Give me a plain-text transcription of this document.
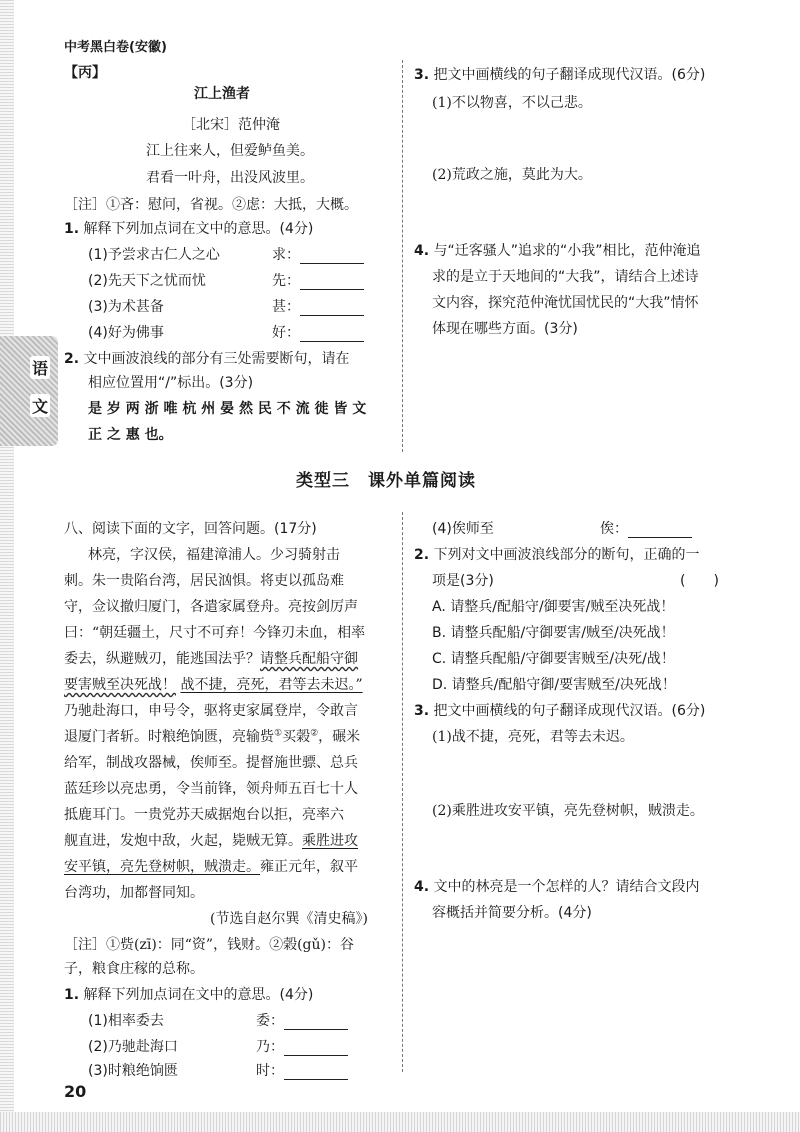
中考黑白卷(安徽)
语
文
【丙】
江上渔者
［北宋］范仲淹
江上往来人，但爱鲈鱼美。
君看一叶舟，出没风波里。
［注］①吝：慰问，省视。②虑：大抵，大概。
1. 解释下列加点词在文中的意思。(4分)
(1)予尝求古仁人之心	求：
(2)先天下之忧而忧	先：
(3)为术甚备	甚：
(4)好为佛事	好：
2. 文中画波浪线的部分有三处需要断句，请在
相应位置用“/”标出。(3分)
是 岁 两 浙 唯 杭 州 晏 然 民 不 流 徙 皆 文
正 之 惠 也。
3. 把文中画横线的句子翻译成现代汉语。(6分)
(1)不以物喜，不以己悲。
(2)荒政之施，莫此为大。
4. 与“迁客骚人”追求的“小我”相比，范仲淹追
求的是立于天地间的“大我”，请结合上述诗
文内容，探究范仲淹忧国忧民的“大我”情怀
体现在哪些方面。(3分)
类型三　课外单篇阅读
八、阅读下面的文字，回答问题。(17分)
林亮，字汉侯，福建漳浦人。少习骑射击
刺。朱一贵陷台湾，居民汹惧。将吏以孤岛难
守，佥议撤归厦门，各遣家属登舟。亮按剑厉声
曰：“朝廷疆土，尺寸不可弃！今锋刃未血，相率
委去，纵避贼刃，能逃国法乎？请整兵配船守御
要害贼至决死战！ 战不捷，亮死，君等去未迟。”
乃驰赴海口，申号令，驱将吏家属登岸，令敢言
退厦门者斩。时粮绝饷匮，亮输赀①买榖②，碾米
给军，制战攻器械，俟师至。提督施世骠、总兵
蓝廷珍以亮忠勇，令当前锋，领舟师五百七十人
抵鹿耳门。一贵党苏天威据炮台以拒，亮率六
舰直进，发炮中敌，火起，毙贼无算。乘胜进攻
安平镇，亮先登树帜，贼溃走。雍正元年，叙平
台湾功，加都督同知。
(节选自赵尔巽《清史稿》)
［注］①赀(zī)：同“资”，钱财。②榖(gǔ)：谷
子，粮食庄稼的总称。
1. 解释下列加点词在文中的意思。(4分)
(1)相率委去	委：
(2)乃驰赴海口	乃：
(3)时粮绝饷匮	时：
(4)俟师至	俟：
2. 下列对文中画波浪线部分的断句，正确的一
项是(3分)	(　　)
A. 请整兵/配船守/御要害/贼至决死战！
B. 请整兵配船/守御要害/贼至/决死战！
C. 请整兵配船/守御要害贼至/决死/战！
D. 请整兵/配船守御/要害贼至/决死战！
3. 把文中画横线的句子翻译成现代汉语。(6分)
(1)战不捷，亮死，君等去未迟。
(2)乘胜进攻安平镇，亮先登树帜，贼溃走。
4. 文中的林亮是一个怎样的人？请结合文段内
容概括并简要分析。(4分)
20
